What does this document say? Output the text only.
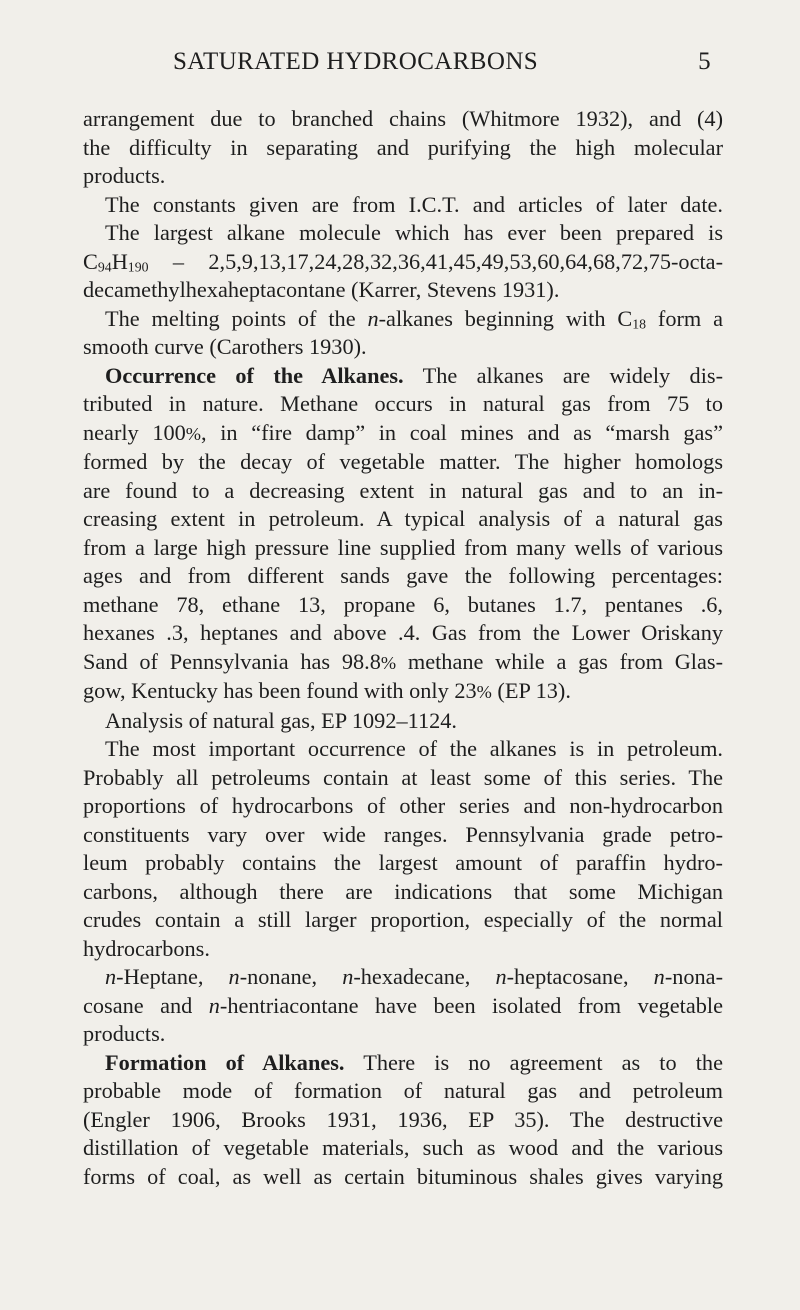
SATURATED HYDROCARBONS	5

arrangement due to branched chains (Whitmore 1932), and (4)

the difficulty in separating and purifying the high molecular

products.

The constants given are from I.C.T. and articles of later date.

The largest alkane molecule which has ever been prepared is

$C_{94}H_{190}$ – 2,5,9,13,17,24,28,32,36,41,45,49,53,60,64,68,72,75-octa-

decamethylhexaheptacontane (Karrer, Stevens 1931).

The melting points of the n-alkanes beginning with $C_{18}$ form a

smooth curve (Carothers 1930).

Occurrence of the Alkanes. The alkanes are widely dis-

tributed in nature. Methane occurs in natural gas from 75 to

nearly 100%, in “fire damp” in coal mines and as “marsh gas”

formed by the decay of vegetable matter. The higher homologs

are found to a decreasing extent in natural gas and to an in-

creasing extent in petroleum. A typical analysis of a natural gas

from a large high pressure line supplied from many wells of various

ages and from different sands gave the following percentages:

methane 78, ethane 13, propane 6, butanes 1.7, pentanes .6,

hexanes .3, heptanes and above .4. Gas from the Lower Oriskany

Sand of Pennsylvania has 98.8% methane while a gas from Glas-

gow, Kentucky has been found with only 23% (EP 13).

Analysis of natural gas, EP 1092–1124.

The most important occurrence of the alkanes is in petroleum.

Probably all petroleums contain at least some of this series. The

proportions of hydrocarbons of other series and non-hydrocarbon

constituents vary over wide ranges. Pennsylvania grade petro-

leum probably contains the largest amount of paraffin hydro-

carbons, although there are indications that some Michigan

crudes contain a still larger proportion, especially of the normal

hydrocarbons.

n-Heptane, n-nonane, n-hexadecane, n-heptacosane, n-nona-

cosane and n-hentriacontane have been isolated from vegetable

products.

Formation of Alkanes. There is no agreement as to the

probable mode of formation of natural gas and petroleum

(Engler 1906, Brooks 1931, 1936, EP 35). The destructive

distillation of vegetable materials, such as wood and the various

forms of coal, as well as certain bituminous shales gives varying
